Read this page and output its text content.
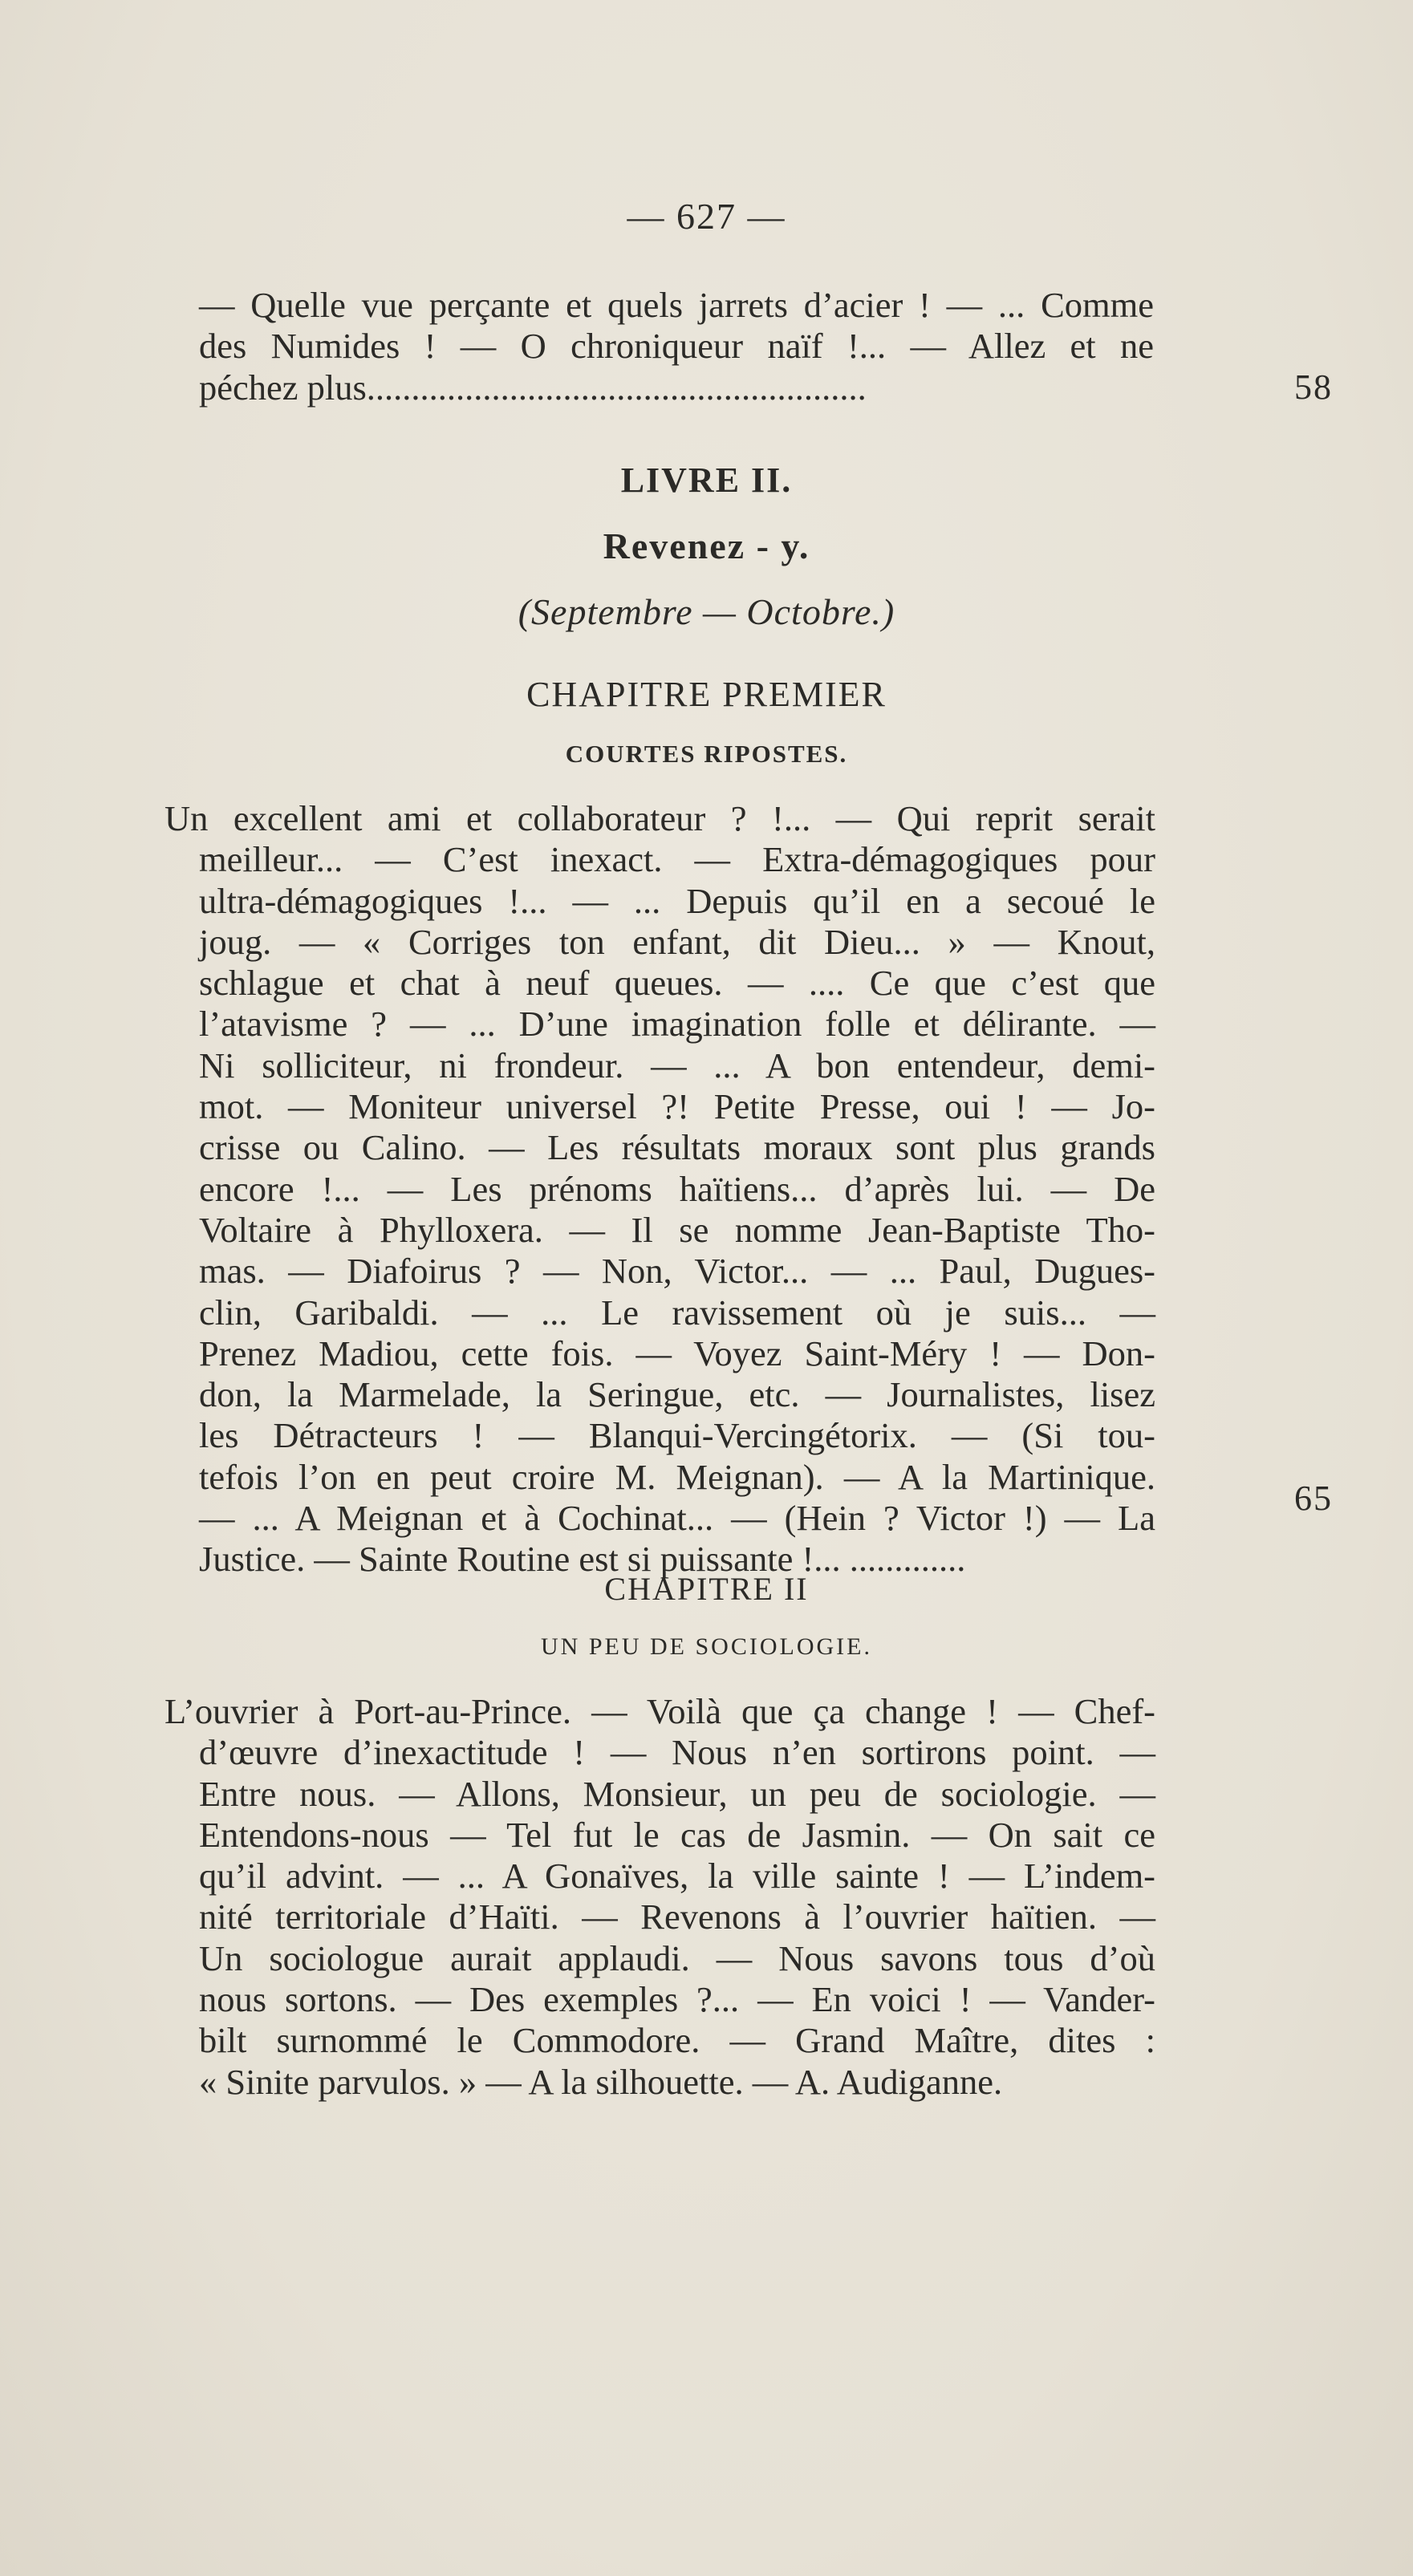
— 627 —
— Quelle vue perçante et quels jarrets d’acier ! — ... Comme
des Numides ! — O chroniqueur naïf !... — Allez et ne
péchez plus........................................................	58
LIVRE II.
Revenez - y.
(Septembre — Octobre.)
CHAPITRE PREMIER
COURTES RIPOSTES.
Un excellent ami et collaborateur ? !... — Qui reprit serait
meilleur... — C’est inexact. — Extra-démagogiques pour
ultra-démagogiques !... — ... Depuis qu’il en a secoué le
joug. — « Corriges ton enfant, dit Dieu... » — Knout,
schlague et chat à neuf queues. — .... Ce que c’est que
l’atavisme ? — ... D’une imagination folle et délirante. —
Ni solliciteur, ni frondeur. — ... A bon entendeur, demi-
mot. — Moniteur universel ?! Petite Presse, oui ! — Jo-
crisse ou Calino. — Les résultats moraux sont plus grands
encore !... — Les prénoms haïtiens... d’après lui. — De
Voltaire à Phylloxera. — Il se nomme Jean-Baptiste Tho-
mas. — Diafoirus ? — Non, Victor... — ... Paul, Dugues-
clin, Garibaldi. — ... Le ravissement où je suis... —
Prenez Madiou, cette fois. — Voyez Saint-Méry ! — Don-
don, la Marmelade, la Seringue, etc. — Journalistes, lisez
les Détracteurs ! — Blanqui-Vercingétorix. — (Si tou-
tefois l’on en peut croire M. Meignan). — A la Martinique.
— ... A Meignan et à Cochinat... — (Hein ? Victor !) — La
Justice. — Sainte Routine est si puissante !... .............
65
CHAPITRE II
UN PEU DE SOCIOLOGIE.
L’ouvrier à Port-au-Prince. — Voilà que ça change ! — Chef-
d’œuvre d’inexactitude ! — Nous n’en sortirons point. —
Entre nous. — Allons, Monsieur, un peu de sociologie. —
Entendons-nous — Tel fut le cas de Jasmin. — On sait ce
qu’il advint. — ... A Gonaïves, la ville sainte ! — L’indem-
nité territoriale d’Haïti. — Revenons à l’ouvrier haïtien. —
Un sociologue aurait applaudi. — Nous savons tous d’où
nous sortons. — Des exemples ?... — En voici ! — Vander-
bilt surnommé le Commodore. — Grand Maître, dites :
« Sinite parvulos. » — A la silhouette. — A. Audiganne.
